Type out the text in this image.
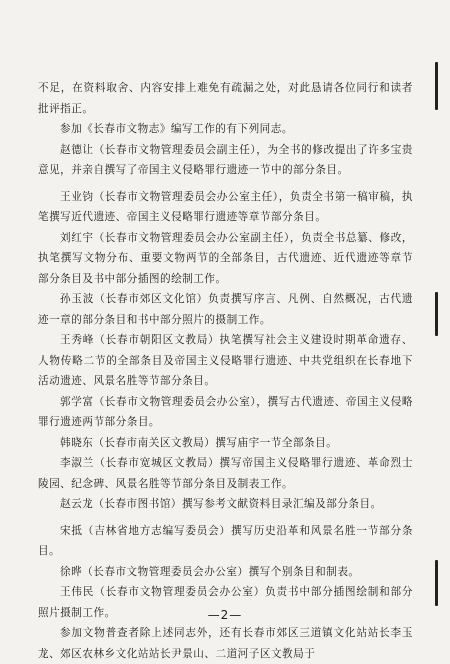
不足，在资料取舍、内容安排上难免有疏漏之处，对此恳请各位同行和读者批评指正。

参加《长春市文物志》编写工作的有下列同志。

赵德让（长春市文物管理委员会副主任），为全书的修改提出了许多宝贵意见，并亲自撰写了帝国主义侵略罪行遗迹一节中的部分条目。

王业钧（长春市文物管理委员会办公室主任），负责全书第一稿审稿，执笔撰写近代遗迹、帝国主义侵略罪行遗迹等章节部分条目。

刘红宇（长春市文物管理委员会办公室副主任），负责全书总纂、修改，执笔撰写文物分布、重要文物两节的全部条目，古代遗迹、近代遗迹等章节部分条目及书中部分插图的绘制工作。

孙玉波（长春市郊区文化馆）负责撰写序言、凡例、自然概况，古代遗迹一章的部分条目和书中部分照片的摄制工作。

王秀峰（长春市朝阳区文教局）执笔撰写社会主义建设时期革命遗存、人物传略二节的全部条目及帝国主义侵略罪行遗迹、中共党组织在长春地下活动遗迹、风景名胜等节部分条目。

郭学富（长春市文物管理委员会办公室），撰写古代遗迹、帝国主义侵略罪行遗迹两节部分条目。

韩晓东（长春市南关区文教局）撰写庙宇一节全部条目。

李淑兰（长春市宽城区文教局）撰写帝国主义侵略罪行遗迹、革命烈士陵园、纪念碑、风景名胜等节部分条目及制表工作。

赵云龙（长春市图书馆）撰写参考文献资料目录汇编及部分条目。

宋抵（吉林省地方志编写委员会）撰写历史沿革和风景名胜一节部分条目。

徐晔（长春市文物管理委员会办公室）撰写个别条目和制表。

王伟民（长春市文物管理委员会办公室）负责书中部分插图绘制和部分照片摄制工作。

参加文物普查者除上述同志外，还有长春市郊区三道镇文化站站长李玉龙、郊区农林乡文化站站长尹景山、二道河子区文教局于

—2—
